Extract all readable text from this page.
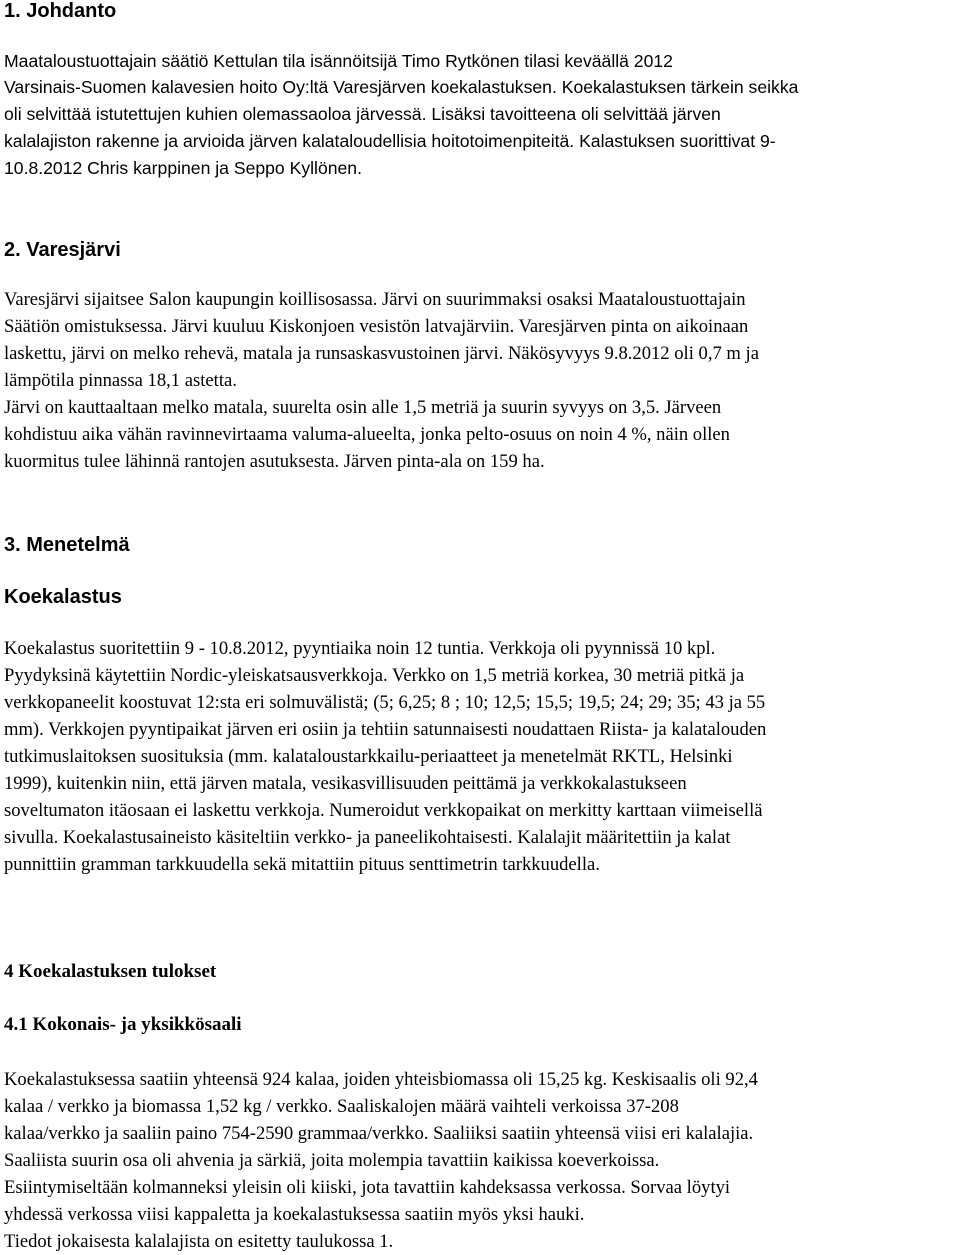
1. Johdanto

Maataloustuottajain säätiö Kettulan tila isännöitsijä Timo Rytkönen tilasi keväällä 2012

Varsinais-Suomen kalavesien hoito Oy:ltä Varesjärven koekalastuksen. Koekalastuksen tärkein seikka

oli selvittää istutettujen kuhien olemassaoloa järvessä. Lisäksi tavoitteena oli selvittää järven

kalalajiston rakenne ja arvioida järven kalataloudellisia hoitotoimenpiteitä. Kalastuksen suorittivat 9-

10.8.2012 Chris karppinen ja Seppo Kyllönen.

2. Varesjärvi

Varesjärvi sijaitsee Salon kaupungin koillisosassa. Järvi on suurimmaksi osaksi Maataloustuottajain

Säätiön omistuksessa. Järvi kuuluu Kiskonjoen vesistön latvajärviin. Varesjärven pinta on aikoinaan

laskettu, järvi on melko rehevä, matala ja runsaskasvustoinen järvi. Näkösyvyys 9.8.2012 oli 0,7 m ja

lämpötila pinnassa 18,1 astetta.

Järvi on kauttaaltaan melko matala, suurelta osin alle 1,5 metriä ja suurin syvyys on 3,5. Järveen

kohdistuu aika vähän ravinnevirtaama valuma-alueelta, jonka pelto-osuus on noin 4 %, näin ollen

kuormitus tulee lähinnä rantojen asutuksesta. Järven pinta-ala on 159 ha.

3. Menetelmä
Koekalastus

Koekalastus suoritettiin 9 - 10.8.2012, pyyntiaika noin 12 tuntia. Verkkoja oli pyynnissä 10 kpl.

Pyydyksinä käytettiin Nordic-yleiskatsausverkkoja. Verkko on 1,5 metriä korkea, 30 metriä pitkä ja

verkkopaneelit koostuvat 12:sta eri solmuvälistä; (5; 6,25; 8 ; 10; 12,5; 15,5; 19,5; 24; 29; 35; 43 ja 55

mm). Verkkojen pyyntipaikat järven eri osiin ja tehtiin satunnaisesti noudattaen Riista- ja kalatalouden

tutkimuslaitoksen suosituksia (mm. kalataloustarkkailu-periaatteet ja menetelmät RKTL, Helsinki

1999), kuitenkin niin, että järven matala, vesikasvillisuuden peittämä ja verkkokalastukseen

soveltumaton itäosaan ei laskettu verkkoja. Numeroidut verkkopaikat on merkitty karttaan viimeisellä

sivulla. Koekalastusaineisto käsiteltiin verkko- ja paneelikohtaisesti. Kalalajit määritettiin ja kalat

punnittiin gramman tarkkuudella sekä mitattiin pituus senttimetrin tarkkuudella.

4 Koekalastuksen tulokset
4.1 Kokonais- ja yksikkösaali

Koekalastuksessa saatiin yhteensä 924 kalaa, joiden yhteisbiomassa oli 15,25 kg. Keskisaalis oli 92,4

kalaa / verkko ja biomassa 1,52 kg / verkko. Saaliskalojen määrä vaihteli verkoissa 37-208

kalaa/verkko ja saaliin paino 754-2590 grammaa/verkko. Saaliiksi saatiin yhteensä viisi eri kalalajia.

Saaliista suurin osa oli ahvenia ja särkiä, joita molempia tavattiin kaikissa koeverkoissa.

Esiintymiseltään kolmanneksi yleisin oli kiiski, jota tavattiin kahdeksassa verkossa. Sorvaa löytyi

yhdessä verkossa viisi kappaletta ja koekalastuksessa saatiin myös yksi hauki.

Tiedot jokaisesta kalalajista on esitetty taulukossa 1.
